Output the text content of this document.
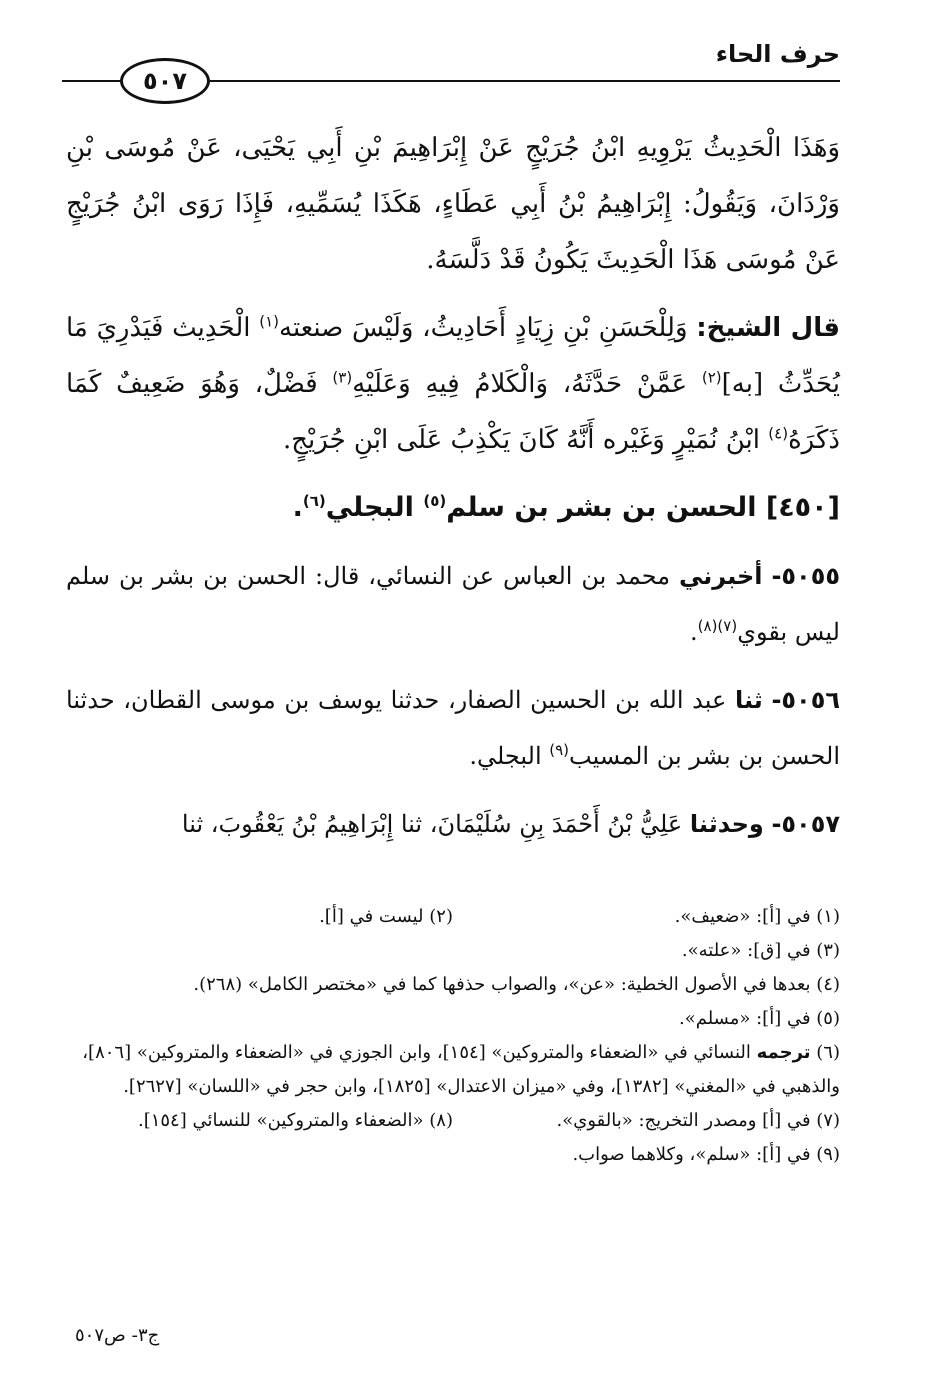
حرف الحاء
٥٠٧

وَهَذَا الْحَدِيثُ يَرْوِيهِ ابْنُ جُرَيْجٍ عَنْ إِبْرَاهِيمَ بْنِ أَبِي يَحْيَى، عَنْ مُوسَى بْنِ وَرْدَانَ، وَيَقُولُ: إِبْرَاهِيمُ بْنُ أَبِي عَطَاءٍ، هَكَذَا يُسَمِّيهِ، فَإِذَا رَوَى ابْنُ جُرَيْجٍ عَنْ مُوسَى هَذَا الْحَدِيثَ يَكُونُ قَدْ دَلَّسَهُ.

قال الشيخ: وَلِلْحَسَنِ بْنِ زِيَادٍ أَحَادِيثُ، وَلَيْسَ صنعته$^{(١)}$ الْحَدِيث فَيَدْرِيَ مَا يُحَدِّثُ [به]$^{(٢)}$ عَمَّنْ حَدَّثَهُ، وَالْكَلامُ فِيهِ وَعَلَيْهِ$^{(٣)}$ فَضْلٌ، وَهُوَ ضَعِيفٌ كَمَا ذَكَرَهُ$^{(٤)}$ ابْنُ نُمَيْرٍ وَغَيْره أَنَّهُ كَانَ يَكْذِبُ عَلَى ابْنِ جُرَيْجٍ.

[٤٥٠] الحسن بن بشر بن سلم$^{(٥)}$ البجلي$^{(٦)}$.

٥٠٥٥- أخبرني محمد بن العباس عن النسائي، قال: الحسن بن بشر بن سلم ليس بقوي$^{(٧)(٨)}$.

٥٠٥٦- ثنا عبد الله بن الحسين الصفار، حدثنا يوسف بن موسى القطان، حدثنا الحسن بن بشر بن المسيب$^{(٩)}$ البجلي.

٥٠٥٧- وحدثنا عَلِيُّ بْنُ أَحْمَدَ بِنِ سُلَيْمَانَ، ثنا إِبْرَاهِيمُ بْنُ يَعْقُوبَ، ثنا

(١) في [أ]: «ضعيف».

(٢) ليست في [أ].

(٣) في [ق]: «علته».

(٤) بعدها في الأصول الخطية: «عن»، والصواب حذفها كما في «مختصر الكامل» (٢٦٨).

(٥) في [أ]: «مسلم».

(٦) ترجمه النسائي في «الضعفاء والمتروكين» [١٥٤]، وابن الجوزي في «الضعفاء والمتروكين» [٨٠٦]، والذهبي في «المغني» [١٣٨٢]، وفي «ميزان الاعتدال» [١٨٢٥]، وابن حجر في «اللسان» [٢٦٢٧].

(٧) في [أ] ومصدر التخريج: «بالقوي».

(٨) «الضعفاء والمتروكين» للنسائي [١٥٤].

(٩) في [أ]: «سلم»، وكلاهما صواب.

ج٣- ص٥٠٧
